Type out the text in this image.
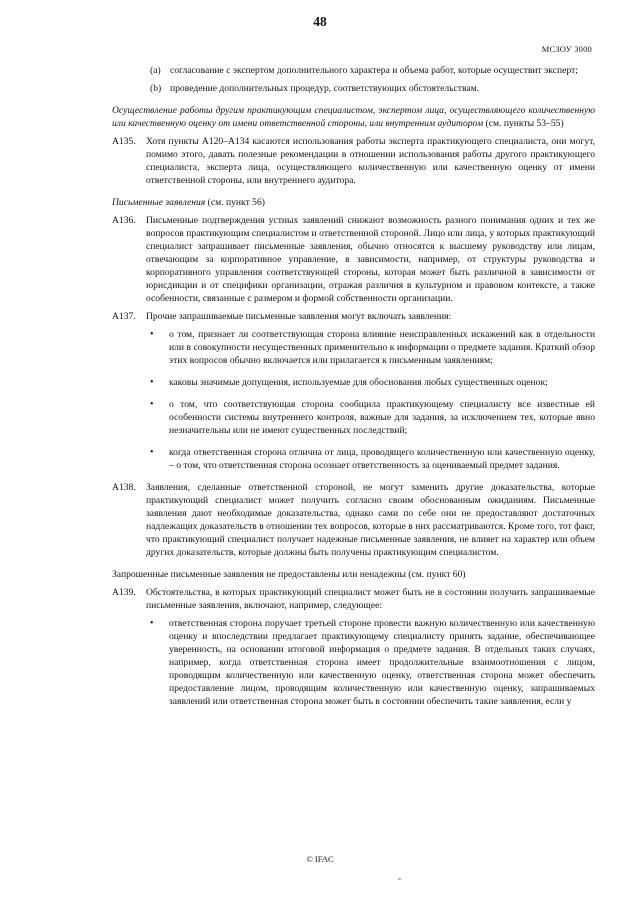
48
МСЗОУ 3000
(a) согласование с экспертом дополнительного характера и объема работ, которые осуществит эксперт;
(b) проведение дополнительных процедур, соответствующих обстоятельствам.
Осуществление работы другим практикующим специалистом, экспертом лица, осуществляющего количественную или качественную оценку от имени ответственной стороны, или внутренним аудитором (см. пункты 53–55)
A135. Хотя пункты A120–A134 касаются использования работы эксперта практикующего специалиста, они могут, помимо этого, давать полезные рекомендации в отношении использования работы другого практикующего специалиста, эксперта лица, осуществляющего количественную или качественную оценку от имени ответственной стороны, или внутреннего аудитора.
Письменные заявления (см. пункт 56)
A136. Письменные подтверждения устных заявлений снижают возможность разного понимания одних и тех же вопросов практикующим специалистом и ответственной стороной. Лицо или лица, у которых практикующий специалист запрашивает письменные заявления, обычно относятся к высшему руководству или лицам, отвечающим за корпоративное управление, в зависимости, например, от структуры руководства и корпоративного управления соответствующей стороны, которая может быть различной в зависимости от юрисдикции и от специфики организации, отражая различия в культурном и правовом контексте, а также особенности, связанные с размером и формой собственности организации.
A137. Прочие запрашиваемые письменные заявления могут включать заявления:
• о том, признает ли соответствующая сторона влияние неисправленных искажений как в отдельности или в совокупности несущественных применительно к информации о предмете задания. Краткий обзор этих вопросов обычно включается или прилагается к письменным заявлениям;
• каковы значимые допущения, используемые для обоснования любых существенных оценок;
• о том, что соответствующая сторона сообщила практикующему специалисту все известные ей особенности системы внутреннего контроля, важные для задания, за исключением тех, которые явно незначительны или не имеют существенных последствий;
• когда ответственная сторона отлична от лица, проводящего количественную или качественную оценку, – о том, что ответственная сторона осознает ответственность за оцениваемый предмет задания.
A138. Заявления, сделанные ответственной стороной, не могут заменить другие доказательства, которые практикующий специалист может получить согласно своим обоснованным ожиданиям. Письменные заявления дают необходимые доказательства, однако сами по себе они не предоставляют достаточных надлежащих доказательств в отношении тех вопросов, которые в них рассматриваются. Кроме того, тот факт, что практикующий специалист получает надежные письменные заявления, не влияет на характер или объем других доказательств, которые должны быть получены практикующим специалистом.
Запрошенные письменные заявления не предоставлены или ненадежны (см. пункт 60)
A139. Обстоятельства, в которых практикующий специалист может быть не в состоянии получить запрашиваемые письменные заявления, включают, например, следующее:
• ответственная сторона поручает третьей стороне провести важную количественную или качественную оценку и впоследствии предлагает практикующему специалисту принять задание, обеспечивающее уверенность, на основании итоговой информация о предмете задания. В отдельных таких случаях, например, когда ответственная сторона имеет продолжительные взаимоотношения с лицом, проводящим количественную или качественную оценку, ответственная сторона может обеспечить предоставление лицом, проводящим количественную или качественную оценку, запрашиваемых заявлений или ответственная сторона может быть в состоянии обеспечить такие заявления, если у
© IFAC
